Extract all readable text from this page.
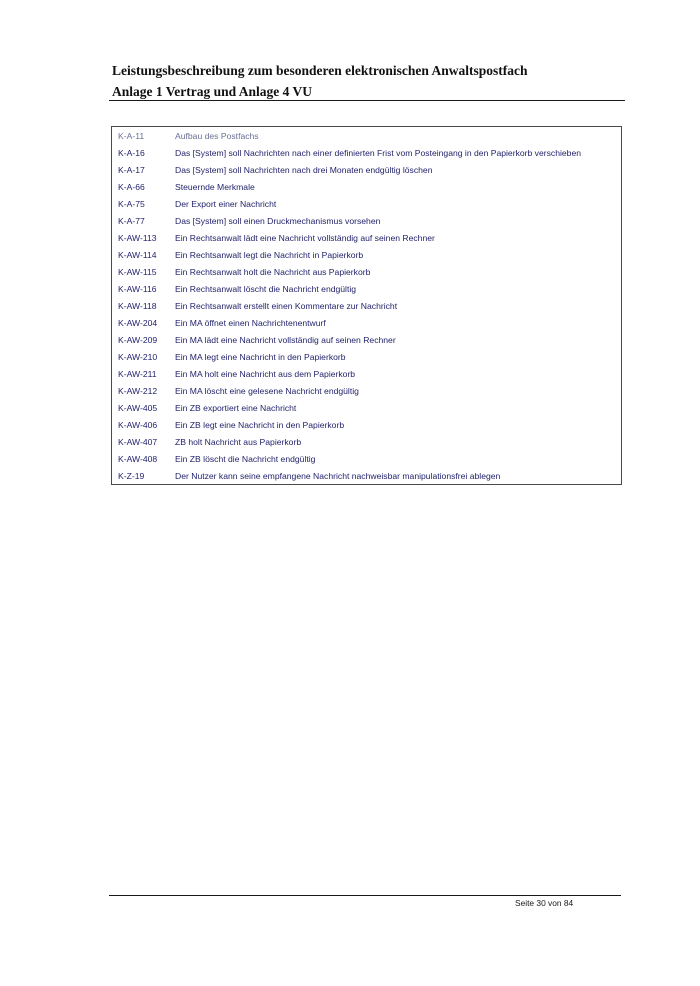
Leistungsbeschreibung zum besonderen elektronischen Anwaltspostfach
Anlage 1 Vertrag und Anlage 4 VU
K-A-11	Aufbau des Postfachs
K-A-16	Das [System] soll Nachrichten nach einer definierten Frist vom Posteingang in den Papierkorb verschieben
K-A-17	Das [System] soll Nachrichten nach drei Monaten endgültig löschen
K-A-66	Steuernde Merkmale
K-A-75	Der Export einer Nachricht
K-A-77	Das [System] soll einen Druckmechanismus vorsehen
K-AW-113	Ein Rechtsanwalt lädt eine Nachricht vollständig auf seinen Rechner
K-AW-114	Ein Rechtsanwalt legt die Nachricht in Papierkorb
K-AW-115	Ein Rechtsanwalt holt die Nachricht aus Papierkorb
K-AW-116	Ein Rechtsanwalt löscht die Nachricht endgültig
K-AW-118	Ein Rechtsanwalt erstellt einen Kommentare zur Nachricht
K-AW-204	Ein MA öffnet einen Nachrichtenentwurf
K-AW-209	Ein MA lädt eine Nachricht vollständig auf seinen Rechner
K-AW-210	Ein MA legt eine Nachricht in den Papierkorb
K-AW-211	Ein MA holt eine Nachricht aus dem Papierkorb
K-AW-212	Ein MA löscht eine gelesene Nachricht endgültig
K-AW-405	Ein ZB exportiert eine Nachricht
K-AW-406	Ein ZB legt eine Nachricht in den Papierkorb
K-AW-407	ZB holt Nachricht aus Papierkorb
K-AW-408	Ein ZB löscht die Nachricht endgültig
K-Z-19	Der Nutzer kann seine empfangene Nachricht nachweisbar manipulationsfrei ablegen
Seite 30 von 84
